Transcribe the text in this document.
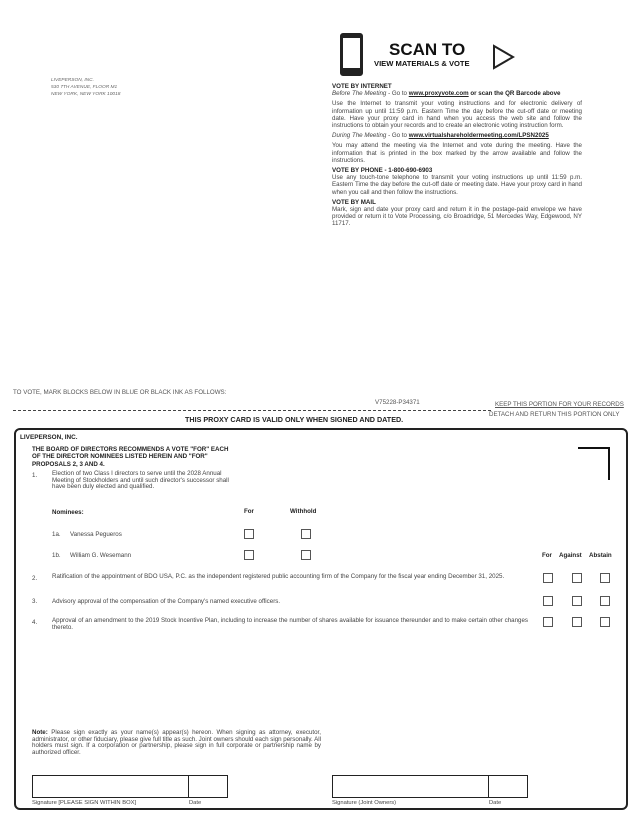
LIVEPERSON, INC.
530 7TH AVENUE, FLOOR M1
NEW YORK, NEW YORK 10018
SCAN TO
VIEW MATERIALS & VOTE
VOTE BY INTERNET
Before The Meeting - Go to www.proxyvote.com or scan the QR Barcode above
Use the Internet to transmit your voting instructions and for electronic delivery of information up until 11:59 p.m. Eastern Time the day before the cut-off date or meeting date. Have your proxy card in hand when you access the web site and follow the instructions to obtain your records and to create an electronic voting instruction form.
During The Meeting - Go to www.virtualshareholdermeeting.com/LPSN2025
You may attend the meeting via the Internet and vote during the meeting. Have the information that is printed in the box marked by the arrow available and follow the instructions.
VOTE BY PHONE - 1-800-690-6903
Use any touch-tone telephone to transmit your voting instructions up until 11:59 p.m. Eastern Time the day before the cut-off date or meeting date. Have your proxy card in hand when you call and then follow the instructions.
VOTE BY MAIL
Mark, sign and date your proxy card and return it in the postage-paid envelope we have provided or return it to Vote Processing, c/o Broadridge, 51 Mercedes Way, Edgewood, NY 11717.
TO VOTE, MARK BLOCKS BELOW IN BLUE OR BLACK INK AS FOLLOWS:
V75228-P34371	KEEP THIS PORTION FOR YOUR RECORDS
DETACH AND RETURN THIS PORTION ONLY
THIS PROXY CARD IS VALID ONLY WHEN SIGNED AND DATED.
LIVEPERSON, INC.
THE BOARD OF DIRECTORS RECOMMENDS A VOTE "FOR" EACH OF THE DIRECTOR NOMINEES LISTED HEREIN AND "FOR" PROPOSALS 2, 3 AND 4.
1. Election of two Class I directors to serve until the 2028 Annual Meeting of Stockholders and until such director's successor shall have been duly elected and qualified.
Nominees:	For	Withhold
1a. Vanessa Pegueros
1b. William G. Wesemann	For Against Abstain
2. Ratification of the appointment of BDO USA, P.C. as the independent registered public accounting firm of the Company for the fiscal year ending December 31, 2025.
3. Advisory approval of the compensation of the Company's named executive officers.
4. Approval of an amendment to the 2019 Stock Incentive Plan, including to increase the number of shares available for issuance thereunder and to make certain other changes thereto.
Note: Please sign exactly as your name(s) appear(s) hereon. When signing as attorney, executor, administrator, or other fiduciary, please give full title as such. Joint owners should each sign personally. All holders must sign. If a corporation or partnership, please sign in full corporate or partnership name by authorized officer.
Signature [PLEASE SIGN WITHIN BOX]	Date	Signature (Joint Owners)	Date
